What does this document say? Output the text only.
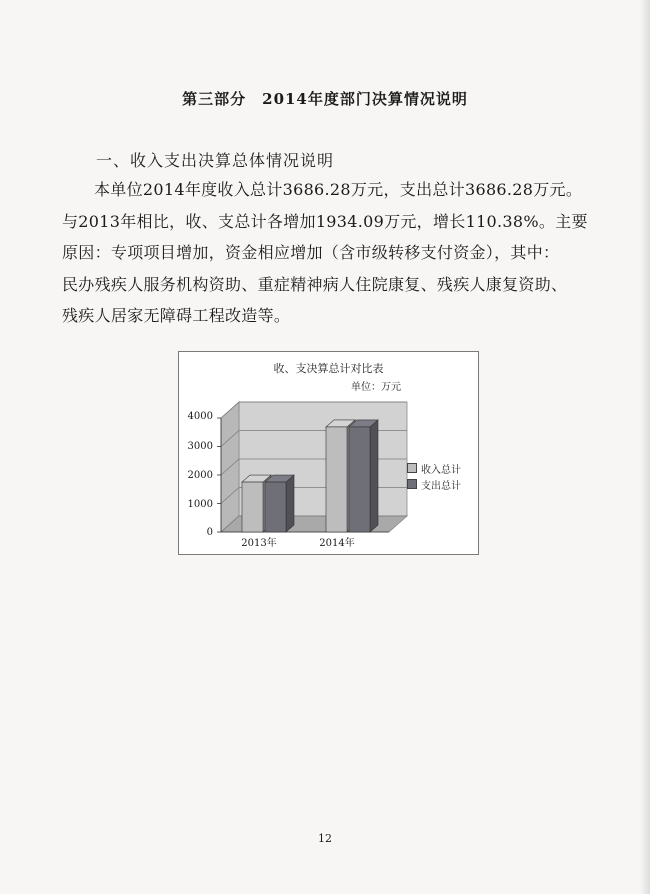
第三部分　2014年度部门决算情况说明
一、收入支出决算总体情况说明

本单位2014年度收入总计3686.28万元，支出总计3686.28万元。

与2013年相比，收、支总计各增加1934.09万元，增长110.38%。主要

原因：专项项目增加，资金相应增加（含市级转移支付资金），其中：

民办残疾人服务机构资助、重症精神病人住院康复、残疾人康复资助、

残疾人居家无障碍工程改造等。

收、支决算总计对比表
单位：万元
4000
3000
2000
1000
0
2013年	2014年
收入总计
支出总计
12
